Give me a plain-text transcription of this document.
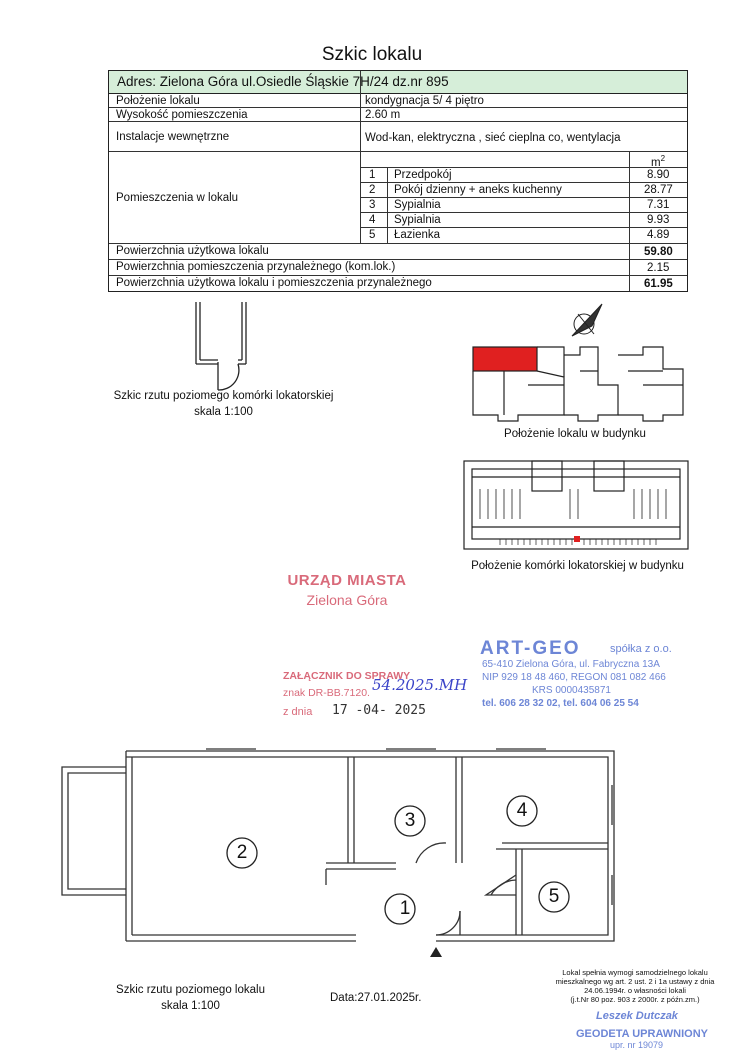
Szkic lokalu
Adres: Zielona Góra ul.Osiedle Śląskie 7H/24 dz.nr 895
Położenie lokalu	kondygnacja 5/ 4 piętro
Wysokość pomieszczenia	2.60 m
Instalacje wewnętrzne	Wod-kan, elektryczna , sieć cieplna co, wentylacja
Pomieszczenia w lokalu
$m^2$
1 Przedpokój	8.90
2 Pokój dzienny + aneks kuchenny	28.77
3 Sypialnia	7.31
4 Sypialnia	9.93
5 Łazienka	4.89
Powierzchnia użytkowa lokalu	59.80
Powierzchnia pomieszczenia przynależnego (kom.lok.)	2.15
Powierzchnia użytkowa lokalu i pomieszczenia przynależnego	61.95
Szkic rzutu poziomego komórki lokatorskiej
skala 1:100
Położenie lokalu w budynku
Położenie komórki lokatorskiej w budynku
URZĄD MIASTA
Zielona Góra
ZAŁĄCZNIK DO SPRAWY
znak DR-BB.7120. 54.2025.MH
z dnia 17 -04- 2025
ART-GEO	spółka z o.o.
65-410 Zielona Góra, ul. Fabryczna 13A
NIP 929 18 48 460, REGON 081 082 466
KRS 0000435871
tel. 606 28 32 02, tel. 604 06 25 54
1
2
3	4
5
Szkic rzutu poziomego lokalu
skala 1:100
Data:27.01.2025r.
Lokal spełnia wymogi samodzielnego lokalu
mieszkalnego wg art. 2 ust. 2 i 1a ustawy z dnia
24.06.1994r. o własności lokali
(j.t.Nr 80 poz. 903 z 2000r. z późn.zm.)
Leszek Dutczak
GEODETA UPRAWNIONY
upr. nr 19079
